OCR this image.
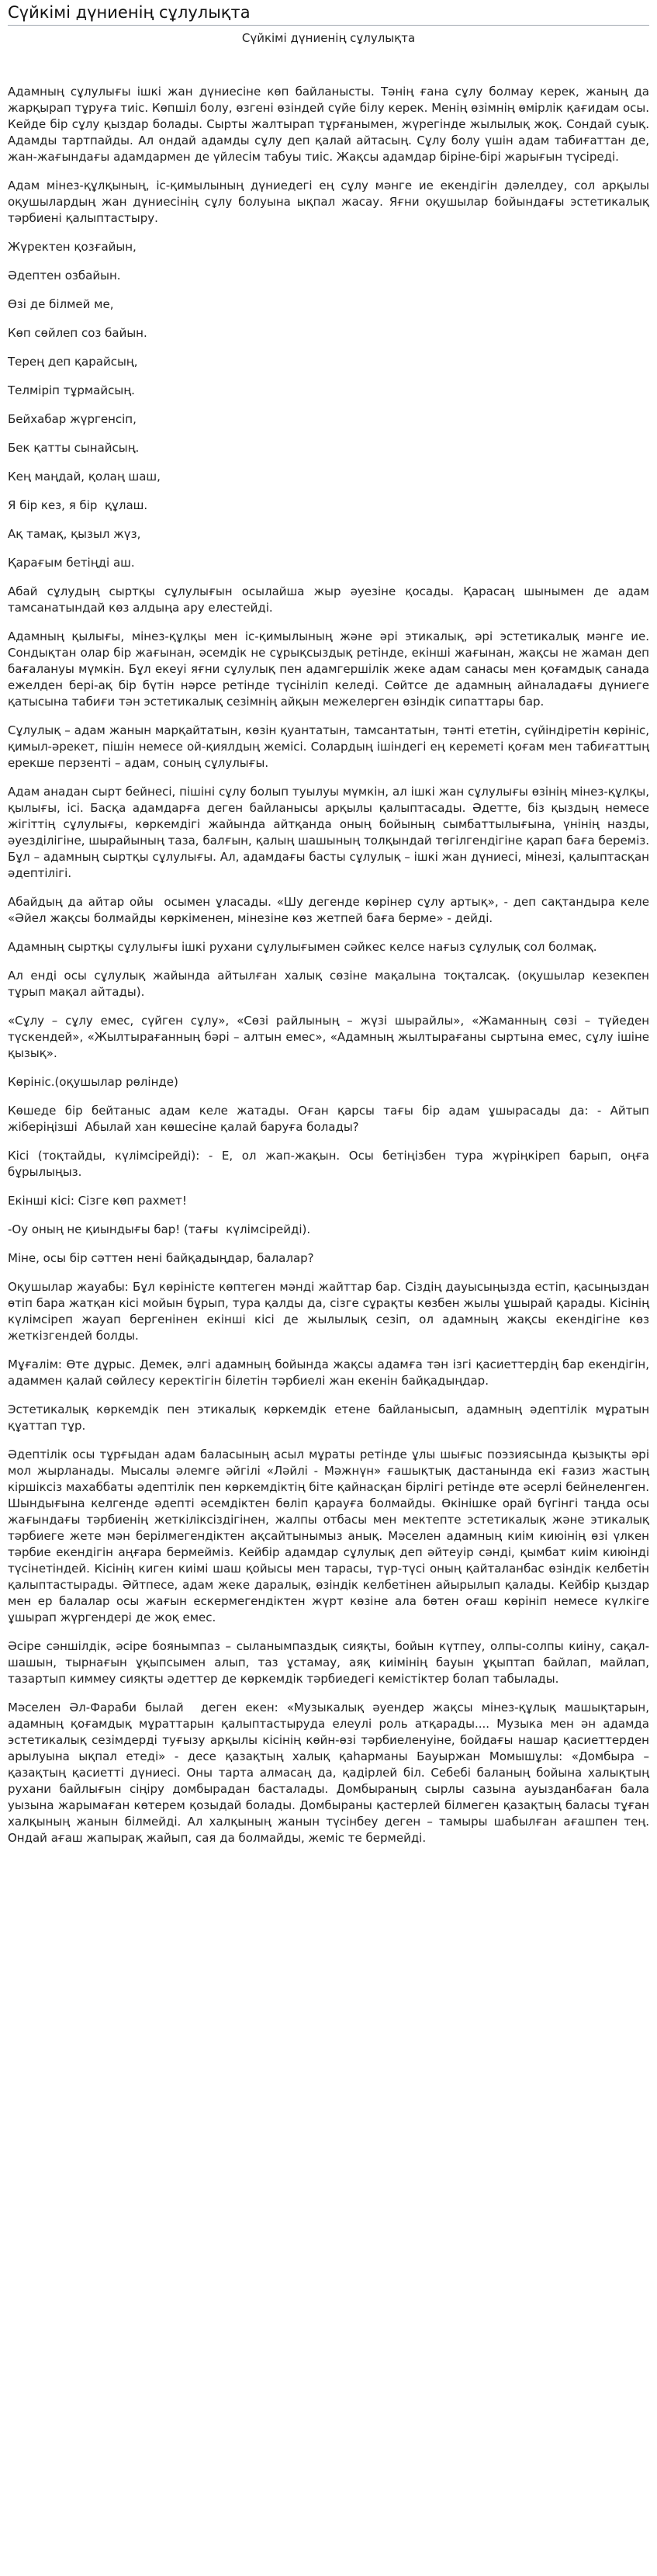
Сүйкімі дүниенің сұлулықта
Сүйкімі дүниенің сұлулықта

Адамның сұлулығы ішкі жан дүниесіне көп байланысты. Тәнің ғана сұлу болмау керек, жаның да жарқырап тұруға тиіс. Көпшіл болу, өзгені өзіндей сүйе білу керек. Менің өзімнің өмірлік қағидам осы. Кейде бір сұлу қыздар болады. Сырты жалтырап тұрғанымен, жүрегінде жылылық жоқ. Сондай суық. Адамды тартпайды. Ал ондай адамды сұлу деп қалай айтасың. Сұлу болу үшін адам табиғаттан де, жан-жағындағы адамдармен де үйлесім табуы тиіс. Жақсы адамдар біріне-бірі жарығын түсіреді.

Адам мінез-құлқының, іс-қимылының дүниедегі ең сұлу мәнге ие екендігін дәлелдеу, сол арқылы оқушылардың жан дүниесінің сұлу болуына ықпал жасау. Яғни оқушылар бойындағы эстетикалық тәрбиені қалыптастыру.

Жүректен қозғайын,

Әдептен озбайын.

Өзі де білмей ме,

Көп сөйлеп соз байын.

Терең деп қарайсың,

Телміріп тұрмайсың.

Бейхабар жүргенсіп,

Бек қатты сынайсың.

Кең маңдай, қолаң шаш,

Я бір кез, я бір  құлаш.

Ақ тамақ, қызыл жүз,

Қарағым бетіңді аш.

Абай сұлудың сыртқы сұлулығын осылайша жыр әуезіне қосады. Қарасаң шынымен де адам тамсанатындай көз алдыңа ару елестейді.

Адамның қылығы, мінез-құлқы мен іс-қимылының және әрі этикалық, әрі эстетикалық мәнге ие. Сондықтан олар бір жағынан, әсемдік не сұрықсыздық ретінде, екінші жағынан, жақсы не жаман деп бағалануы мүмкін. Бұл екеуі яғни сұлулық пен адамгершілік жеке адам санасы мен қоғамдық санада ежелден бері-ақ бір бүтін нәрсе ретінде түсініліп келеді. Сөйтсе де адамның айналадағы дүниеге қатысына табиғи тән эстетикалық сезімнің айқын межелерген өзіндік сипаттары бар.

Сұлулық – адам жанын марқайтатын, көзін қуантатын, тамсантатын, тәнті ететін, сүйіндіретін көрініс, қимыл-әрекет, пішін немесе ой-қиялдың жемісі. Солардың ішіндегі ең кереметі қоғам мен табиғаттың ерекше перзенті – адам, соның сұлулығы.

Адам анадан сырт бейнесі, пішіні сұлу болып туылуы мүмкін, ал ішкі жан сұлулығы өзінің мінез-құлқы, қылығы, ісі. Басқа адамдарға деген байланысы арқылы қалыптасады. Әдетте, біз қыздың немесе жігіттің сұлулығы, көркемдігі жайында айтқанда оның бойының сымбаттылығына, үнінің назды, әуезділігіне, шырайының таза, балғын, қалың шашының толқындай төгілгендігіне қарап баға береміз. Бұл – адамның сыртқы сұлулығы. Ал, адамдағы басты сұлулық – ішкі жан дүниесі, мінезі, қалыптасқан әдептілігі.

Абайдың да айтар ойы  осымен ұласады. «Шу дегенде көрінер сұлу артық», - деп сақтандыра келе «Әйел жақсы болмайды көркіменен, мінезіне көз жетпей баға берме» - дейді.

Адамның сыртқы сұлулығы ішкі рухани сұлулығымен сәйкес келсе нағыз сұлулық сол болмақ.

Ал енді осы сұлулық жайында айтылған халық сөзіне мақалына тоқталсақ. (оқушылар кезекпен тұрып мақал айтады).

«Сұлу – сұлу емес, сүйген сұлу», «Сөзі райлының – жүзі шырайлы», «Жаманның сөзі – түйеден түскендей», «Жылтырағанның бәрі – алтын емес», «Адамның жылтырағаны сыртына емес, сұлу ішіне қызық».

Көрініс.(оқушылар рөлінде)

Көшеде бір бейтаныс адам келе жатады. Оған қарсы тағы бір адам ұшырасады да: - Айтып жіберіңізші  Абылай хан көшесіне қалай баруға болады?

Кісі (тоқтайды, күлімсірейді): - Е, ол жап-жақын. Осы бетіңізбен тура жүріңкіреп барып, оңға бұрылыңыз.

Екінші кісі: Сізге көп рахмет!

-Оу оның не қиындығы бар! (тағы  күлімсірейді).

Міне, осы бір сәттен нені байқадыңдар, балалар?

Оқушылар жауабы: Бұл көріністе көптеген мәнді жайттар бар. Сіздің дауысыңызда естіп, қасыңыздан өтіп бара жатқан кісі мойын бұрып, тура қалды да, сізге сұрақты көзбен жылы ұшырай қарады. Кісінің күлімсіреп жауап бергенінен екінші кісі де жылылық сезіп, ол адамның жақсы екендігіне көз жеткізгендей болды.

Мұғалім: Өте дұрыс. Демек, әлгі адамның бойында жақсы адамға тән ізгі қасиеттердің бар екендігін, адаммен қалай сөйлесу керектігін білетін тәрбиелі жан екенін байқадыңдар.

Эстетикалық көркемдік пен этикалық көркемдік етене байланысып, адамның әдептілік мұратын құаттап тұр.

Әдептілік осы тұрғыдан адам баласының асыл мұраты ретінде ұлы шығыс поэзиясында қызықты әрі мол жырланады. Мысалы әлемге әйгілі «Ләйлі - Мәжнүн» ғашықтық дастанында екі ғазиз жастың кіршіксіз махаббаты әдептілік пен көркемдіктің біте қайнасқан бірлігі ретінде өте әсерлі бейнеленген. Шындығына келгенде әдепті әсемдіктен бөліп қарауға болмайды. Өкінішке орай бүгінгі таңда осы жағындағы тәрбиенің жеткіліксіздігінен, жалпы отбасы мен мектепте эстетикалық және этикалық тәрбиеге жете мән берілмегендіктен ақсайтынымыз анық. Мәселен адамның киім киюінің өзі үлкен тәрбие екендігін аңғара бермейміз. Кейбір адамдар сұлулық деп әйтеуір сәнді, қымбат киім киюінді түсінетіндей. Кісінің киген киімі шаш қойысы мен тарасы, түр-түсі оның қайталанбас өзіндік келбетін қалыптастырады. Әйтпесе, адам жеке даралық, өзіндік келбетінен айырылып қалады. Кейбір қыздар мен ер балалар осы жағын ескермегендіктен жүрт көзіне ала бөтен оғаш көрініп немесе күлкіге ұшырап жүргендері де жоқ емес.

Әсіре сәншілдік, әсіре боянымпаз – сыланымпаздық сияқты, бойын күтпеу, олпы-солпы киіну, сақал-шашын, тырнағын ұқыпсымен алып, таз ұстамау, аяқ киімінің бауын ұқыптап байлап, майлап, тазартып киммеу сияқты әдеттер де көркемдік тәрбиедегі кемістіктер болап табылады.

Мәселен Әл-Фараби былай  деген екен: «Музыкалық әуендер жақсы мінез-құлық машықтарын, адамның қоғамдық мұраттарын қалыптастыруда елеулі роль атқарады.... Музыка мен ән адамда эстетикалық сезімдерді туғызу арқылы кісінің көйн-өзі тәрбиеленуіне, бойдағы нашар қасиеттерден арылуына ықпал етеді» - десе қазақтың халық қаһарманы Бауыржан Момышұлы: «Домбыра – қазақтың қасиетті дүниесі. Оны тарта алмасаң да, қадірлей біл. Себебі баланың бойына халықтың рухани байлығын сіңіру домбырадан басталады. Домбыраның сырлы сазына ауызданбаған бала уызына жарымаған көтерем қозыдай болады. Домбыраны қастерлей білмеген қазақтың баласы тұған халқының жанын білмейді. Ал халқының жанын түсінбеу деген – тамыры шабылған ағашпен тең. Ондай ағаш жапырақ жайып, сая да болмайды, жеміс те бермейді.
